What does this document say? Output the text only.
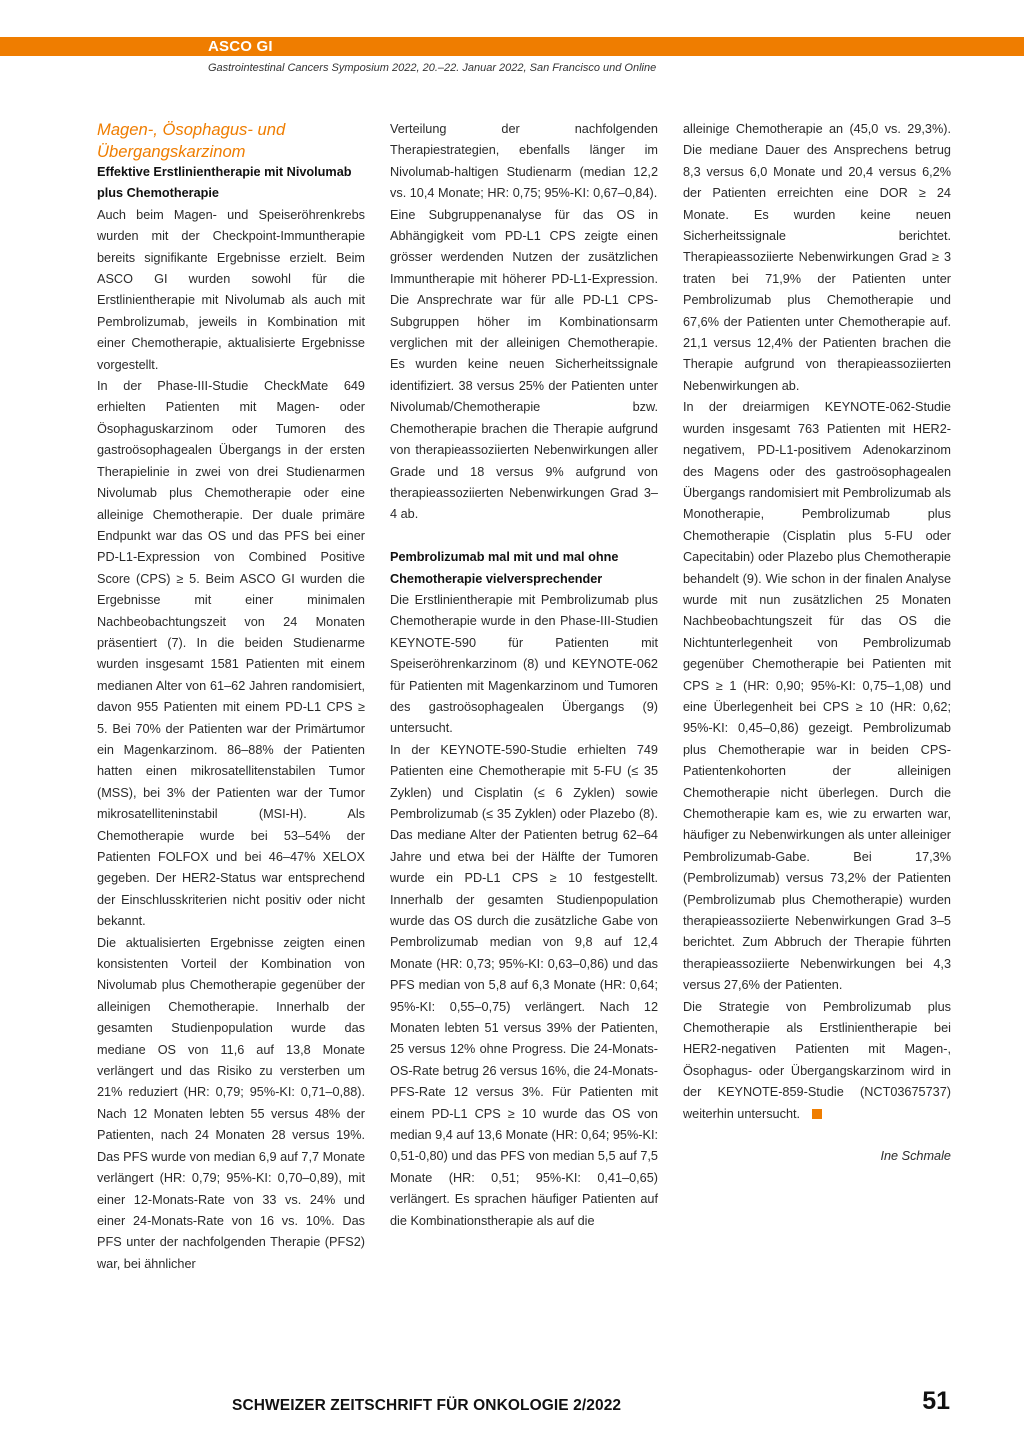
ASCO GI
Gastrointestinal Cancers Symposium 2022, 20.–22. Januar 2022, San Francisco und Online
Magen-, Ösophagus- und Übergangskarzinom
Effektive Erstlinientherapie mit Nivolumab plus Chemotherapie

Auch beim Magen- und Speiseröhrenkrebs wurden mit der Checkpoint-Immuntherapie bereits signifikante Ergebnisse erzielt. Beim ASCO GI wurden sowohl für die Erstlinientherapie mit Nivolumab als auch mit Pembrolizumab, jeweils in Kombination mit einer Chemotherapie, aktualisierte Ergebnisse vorgestellt.

In der Phase-III-Studie CheckMate 649 erhielten Patienten mit Magen- oder Ösophaguskarzinom oder Tumoren des gastroösophagealen Übergangs in der ersten Therapielinie in zwei von drei Studienarmen Nivolumab plus Chemotherapie oder eine alleinige Chemotherapie. Der duale primäre Endpunkt war das OS und das PFS bei einer PD-L1-Expression von Combined Positive Score (CPS) ≥ 5. Beim ASCO GI wurden die Ergebnisse mit einer minimalen Nachbeobachtungszeit von 24 Monaten präsentiert (7). In die beiden Studienarme wurden insgesamt 1581 Patienten mit einem medianen Alter von 61–62 Jahren randomisiert, davon 955 Patienten mit einem PD-L1 CPS ≥ 5. Bei 70% der Patienten war der Primärtumor ein Magenkarzinom. 86–88% der Patienten hatten einen mikrosatellitenstabilen Tumor (MSS), bei 3% der Patienten war der Tumor mikrosatelliteninstabil (MSI-H). Als Chemotherapie wurde bei 53–54% der Patienten FOLFOX und bei 46–47% XELOX gegeben. Der HER2-Status war entsprechend der Einschlusskriterien nicht positiv oder nicht bekannt.

Die aktualisierten Ergebnisse zeigten einen konsistenten Vorteil der Kombination von Nivolumab plus Chemotherapie gegenüber der alleinigen Chemotherapie. Innerhalb der gesamten Studienpopulation wurde das mediane OS von 11,6 auf 13,8 Monate verlängert und das Risiko zu versterben um 21% reduziert (HR: 0,79; 95%-KI: 0,71–0,88). Nach 12 Monaten lebten 55 versus 48% der Patienten, nach 24 Monaten 28 versus 19%. Das PFS wurde von median 6,9 auf 7,7 Monate verlängert (HR: 0,79; 95%-KI: 0,70–0,89), mit einer 12-Monats-Rate von 33 vs. 24% und einer 24-Monats-Rate von 16 vs. 10%. Das PFS unter der nachfolgenden Therapie (PFS2) war, bei ähnlicher

Verteilung der nachfolgenden Therapiestrategien, ebenfalls länger im Nivolumab-haltigen Studienarm (median 12,2 vs. 10,4 Monate; HR: 0,75; 95%-KI: 0,67–0,84).

Eine Subgruppenanalyse für das OS in Abhängigkeit vom PD-L1 CPS zeigte einen grösser werdenden Nutzen der zusätzlichen Immuntherapie mit höherer PD-L1-Expression. Die Ansprechrate war für alle PD-L1 CPS-Subgruppen höher im Kombinationsarm verglichen mit der alleinigen Chemotherapie. Es wurden keine neuen Sicherheitssignale identifiziert. 38 versus 25% der Patienten unter Nivolumab/Chemotherapie bzw. Chemotherapie brachen die Therapie aufgrund von therapieassoziierten Nebenwirkungen aller Grade und 18 versus 9% aufgrund von therapieassoziierten Nebenwirkungen Grad 3–4 ab.

Pembrolizumab mal mit und mal ohne Chemotherapie vielversprechender

Die Erstlinientherapie mit Pembrolizumab plus Chemotherapie wurde in den Phase-III-Studien KEYNOTE-590 für Patienten mit Speiseröhrenkarzinom (8) und KEYNOTE-062 für Patienten mit Magenkarzinom und Tumoren des gastroösophagealen Übergangs (9) untersucht.

In der KEYNOTE-590-Studie erhielten 749 Patienten eine Chemotherapie mit 5-FU (≤ 35 Zyklen) und Cisplatin (≤ 6 Zyklen) sowie Pembrolizumab (≤ 35 Zyklen) oder Plazebo (8). Das mediane Alter der Patienten betrug 62–64 Jahre und etwa bei der Hälfte der Tumoren wurde ein PD-L1 CPS ≥ 10 festgestellt. Innerhalb der gesamten Studienpopulation wurde das OS durch die zusätzliche Gabe von Pembrolizumab median von 9,8 auf 12,4 Monate (HR: 0,73; 95%-KI: 0,63–0,86) und das PFS median von 5,8 auf 6,3 Monate (HR: 0,64; 95%-KI: 0,55–0,75) verlängert. Nach 12 Monaten lebten 51 versus 39% der Patienten, 25 versus 12% ohne Progress. Die 24-Monats-OS-Rate betrug 26 versus 16%, die 24-Monats-PFS-Rate 12 versus 3%. Für Patienten mit einem PD-L1 CPS ≥ 10 wurde das OS von median 9,4 auf 13,6 Monate (HR: 0,64; 95%-KI: 0,51-0,80) und das PFS von median 5,5 auf 7,5 Monate (HR: 0,51; 95%-KI: 0,41–0,65) verlängert. Es sprachen häufiger Patienten auf die Kombinationstherapie als auf die

alleinige Chemotherapie an (45,0 vs. 29,3%). Die mediane Dauer des Ansprechens betrug 8,3 versus 6,0 Monate und 20,4 versus 6,2% der Patienten erreichten eine DOR ≥ 24 Monate. Es wurden keine neuen Sicherheitssignale berichtet. Therapieassoziierte Nebenwirkungen Grad ≥ 3 traten bei 71,9% der Patienten unter Pembrolizumab plus Chemotherapie und 67,6% der Patienten unter Chemotherapie auf. 21,1 versus 12,4% der Patienten brachen die Therapie aufgrund von therapieassoziierten Nebenwirkungen ab.

In der dreiarmigen KEYNOTE-062-Studie wurden insgesamt 763 Patienten mit HER2-negativem, PD-L1-positivem Adenokarzinom des Magens oder des gastroösophagealen Übergangs randomisiert mit Pembrolizumab als Monotherapie, Pembrolizumab plus Chemotherapie (Cisplatin plus 5-FU oder Capecitabin) oder Plazebo plus Chemotherapie behandelt (9). Wie schon in der finalen Analyse wurde mit nun zusätzlichen 25 Monaten Nachbeobachtungszeit für das OS die Nichtunterlegenheit von Pembrolizumab gegenüber Chemotherapie bei Patienten mit CPS ≥ 1 (HR: 0,90; 95%-KI: 0,75–1,08) und eine Überlegenheit bei CPS ≥ 10 (HR: 0,62; 95%-KI: 0,45–0,86) gezeigt. Pembrolizumab plus Chemotherapie war in beiden CPS-Patientenkohorten der alleinigen Chemotherapie nicht überlegen. Durch die Chemotherapie kam es, wie zu erwarten war, häufiger zu Nebenwirkungen als unter alleiniger Pembrolizumab-Gabe. Bei 17,3% (Pembrolizumab) versus 73,2% der Patienten (Pembrolizumab plus Chemotherapie) wurden therapieassoziierte Nebenwirkungen Grad 3–5 berichtet. Zum Abbruch der Therapie führten therapieassoziierte Nebenwirkungen bei 4,3 versus 27,6% der Patienten.

Die Strategie von Pembrolizumab plus Chemotherapie als Erstlinientherapie bei HER2-negativen Patienten mit Magen-, Ösophagus- oder Übergangskarzinom wird in der KEYNOTE-859-Studie (NCT03675737) weiterhin untersucht.

Ine Schmale

SCHWEIZER ZEITSCHRIFT FÜR ONKOLOGIE 2/2022	51
